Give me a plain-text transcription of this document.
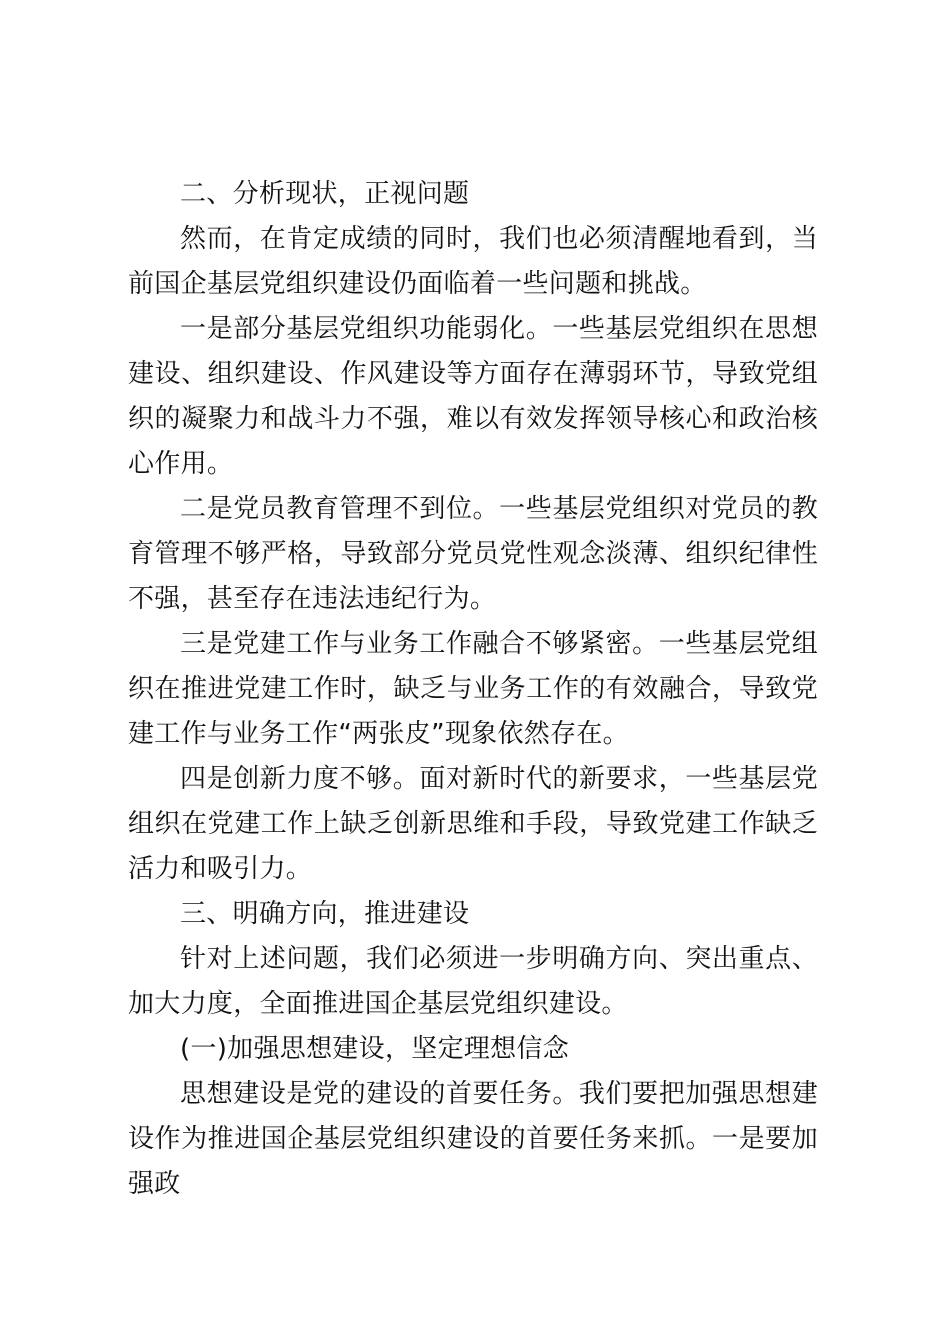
二、分析现状，正视问题

然而，在肯定成绩的同时，我们也必须清醒地看到，当前国企基层党组织建设仍面临着一些问题和挑战。

一是部分基层党组织功能弱化。一些基层党组织在思想建设、组织建设、作风建设等方面存在薄弱环节，导致党组织的凝聚力和战斗力不强，难以有效发挥领导核心和政治核心作用。

二是党员教育管理不到位。一些基层党组织对党员的教育管理不够严格，导致部分党员党性观念淡薄、组织纪律性不强，甚至存在违法违纪行为。

三是党建工作与业务工作融合不够紧密。一些基层党组织在推进党建工作时，缺乏与业务工作的有效融合，导致党建工作与业务工作“两张皮”现象依然存在。

四是创新力度不够。面对新时代的新要求，一些基层党组织在党建工作上缺乏创新思维和手段，导致党建工作缺乏活力和吸引力。

三、明确方向，推进建设

针对上述问题，我们必须进一步明确方向、突出重点、加大力度，全面推进国企基层党组织建设。

(一)加强思想建设，坚定理想信念

思想建设是党的建设的首要任务。我们要把加强思想建设作为推进国企基层党组织建设的首要任务来抓。一是要加强政
